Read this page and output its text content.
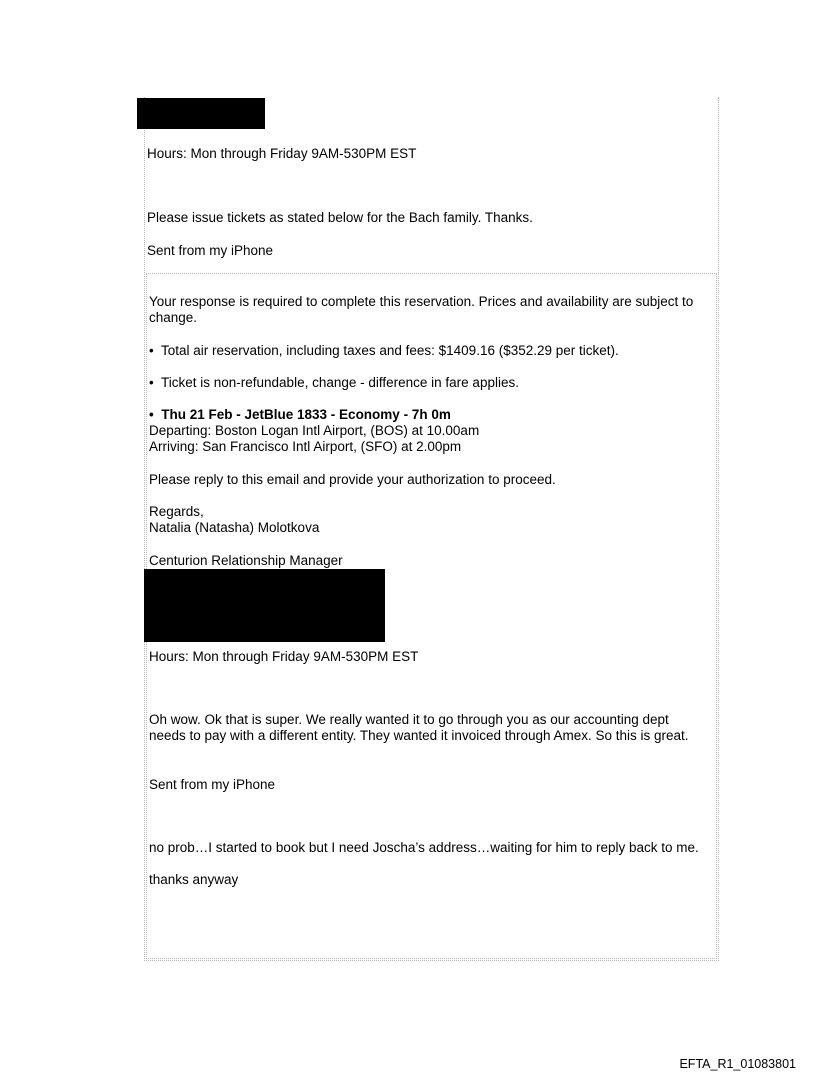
Hours: Mon through Friday 9AM-530PM EST
Please issue tickets as stated below for the Bach family. Thanks.
Sent from my iPhone
Your response is required to complete this reservation. Prices and availability are subject to change.
• Total air reservation, including taxes and fees: $1409.16 ($352.29 per ticket).
• Ticket is non-refundable, change - difference in fare applies.
• Thu 21 Feb - JetBlue 1833 - Economy - 7h 0m
Departing: Boston Logan Intl Airport, (BOS) at 10.00am
Arriving: San Francisco Intl Airport, (SFO) at 2.00pm
Please reply to this email and provide your authorization to proceed.
Regards,
Natalia (Natasha) Molotkova
Centurion Relationship Manager
Hours: Mon through Friday 9AM-530PM EST
Oh wow. Ok that is super. We really wanted it to go through you as our accounting dept needs to pay with a different entity. They wanted it invoiced through Amex. So this is great.
Sent from my iPhone
no prob…I started to book but I need Joscha’s address…waiting for him to reply back to me.
thanks anyway
EFTA_R1_01083801
